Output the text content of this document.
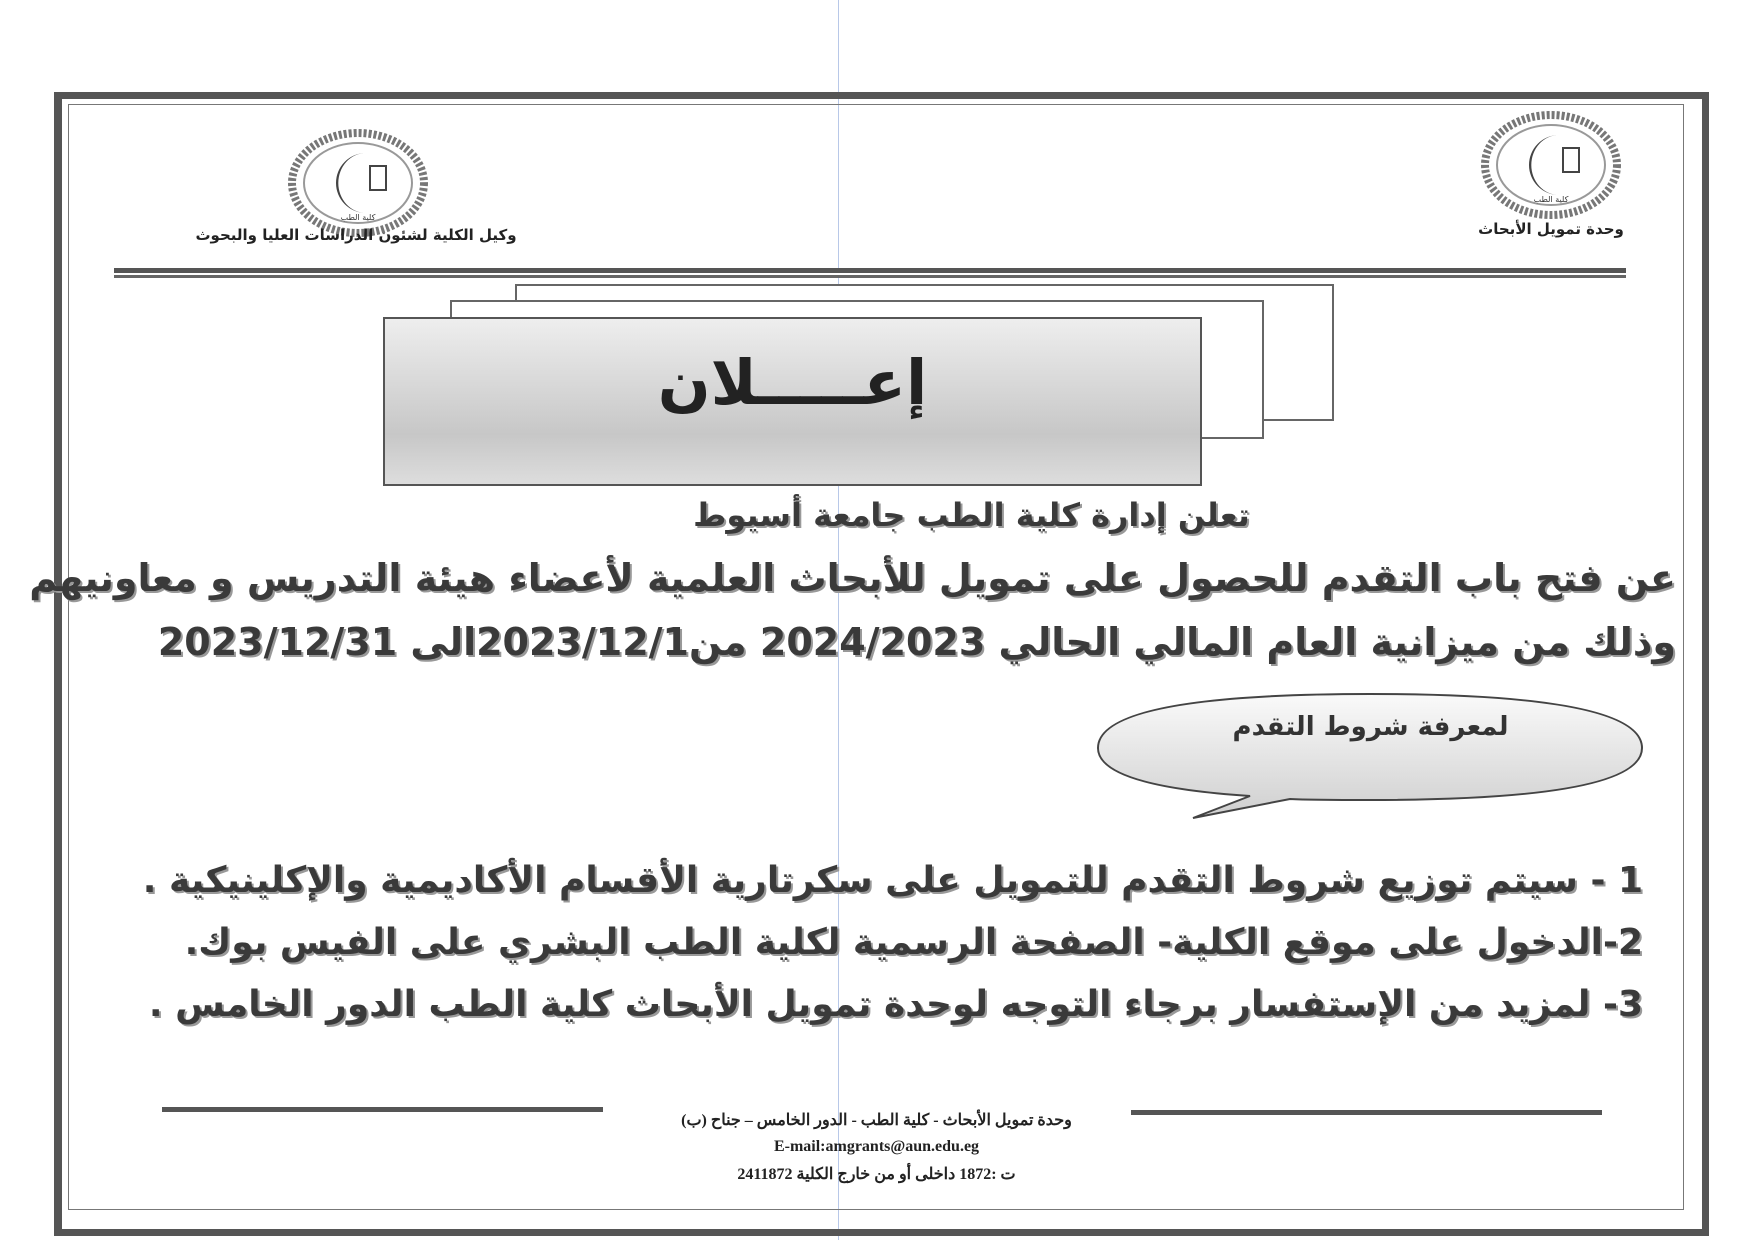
كلية الطب
كلية الطب
وكيل الكلية لشئون الدراسات العليا والبحوث	وحدة تمويل الأبحاث
إعـــــلان
تعلن إدارة كلية الطب جامعة أسيوط
عن فتح باب التقدم للحصول على تمويل للأبحاث العلمية لأعضاء هيئة التدريس و معاونيهم
وذلك من ميزانية العام المالي الحالي 2024/2023 من2023/12/1الى 2023/12/31
لمعرفة شروط التقدم
1 - سيتم توزيع شروط التقدم للتمويل على سكرتارية الأقسام الأكاديمية والإكلينيكية .
2-الدخول على موقع الكلية- الصفحة الرسمية لكلية الطب البشري على الفيس بوك.
3- لمزيد من الإستفسار برجاء التوجه لوحدة تمويل الأبحاث كلية الطب الدور الخامس .
وحدة تمويل الأبحاث - كلية الطب - الدور الخامس – جناح (ب)
E-mail:amgrants@aun.edu.eg
ت :1872 داخلى أو من خارج الكلية 2411872
